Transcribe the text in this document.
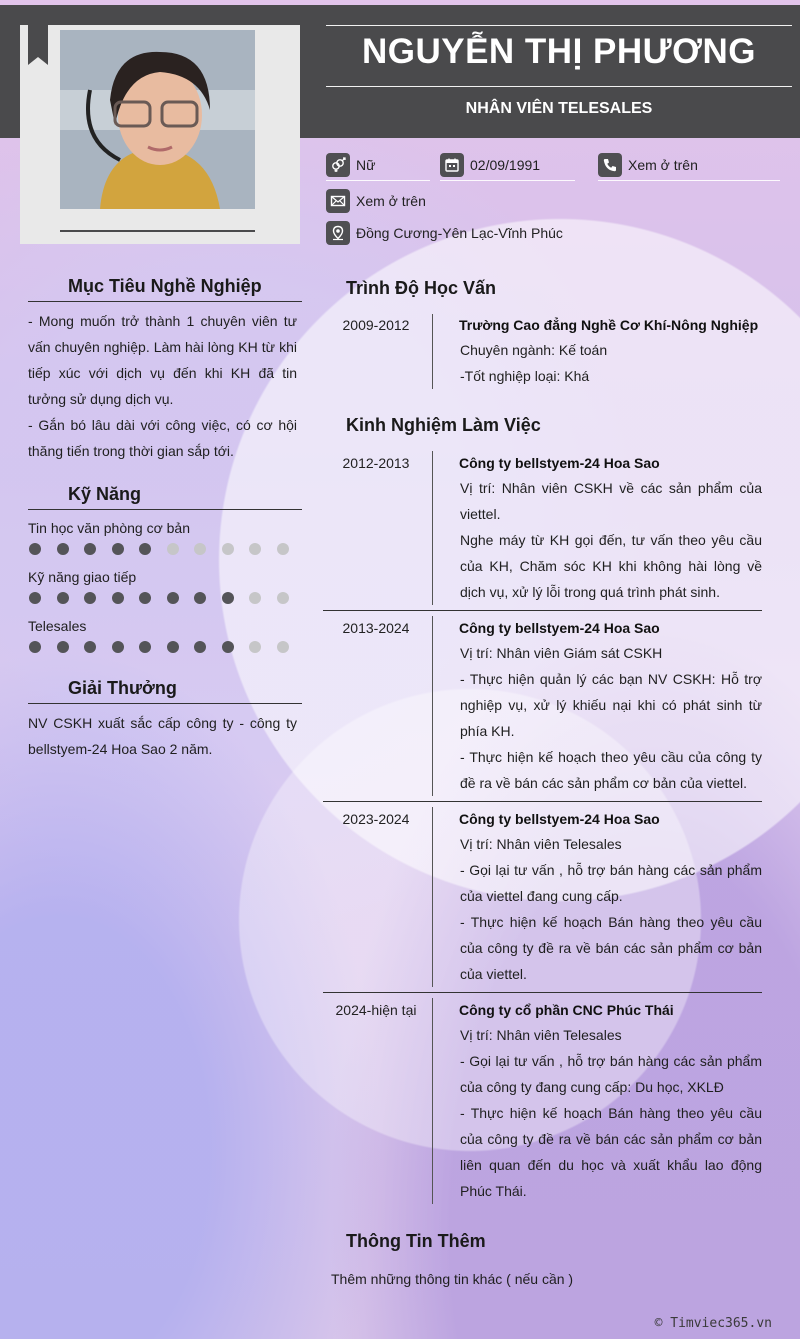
NGUYỄN THỊ PHƯƠNG
NHÂN VIÊN TELESALES
Nữ	02/09/1991	Xem ở trên
Xem ở trên
Đồng Cương-Yên Lạc-Vĩnh Phúc
Mục Tiêu Nghề Nghiệp
- Mong muốn trở thành 1 chuyên viên tư vấn chuyên nghiệp. Làm hài lòng KH từ khi tiếp xúc với dịch vụ đến khi KH đã tin tưởng sử dụng dịch vụ.
- Gắn bó lâu dài với công việc, có cơ hội thăng tiến trong thời gian sắp tới.
Kỹ Năng
Tin học văn phòng cơ bản
Kỹ năng giao tiếp
Telesales
Giải Thưởng
NV CSKH xuất sắc cấp công ty - công ty bellstyem-24 Hoa Sao 2 năm.
Trình Độ Học Vấn
2009-2012	Trường Cao đẳng Nghề Cơ Khí-Nông Nghiệp
Chuyên ngành: Kế toán
-Tốt nghiệp loại: Khá
Kinh Nghiệm Làm Việc
2012-2013	Công ty bellstyem-24 Hoa Sao
Vị trí: Nhân viên CSKH về các sản phẩm của viettel.
Nghe máy từ KH gọi đến, tư vấn theo yêu cầu của KH, Chăm sóc KH khi không hài lòng về dịch vụ, xử lý lỗi trong quá trình phát sinh.
2013-2024	Công ty bellstyem-24 Hoa Sao
Vị trí: Nhân viên Giám sát CSKH
- Thực hiện quản lý các bạn NV CSKH: Hỗ trợ nghiệp vụ, xử lý khiếu nại khi có phát sinh từ phía KH.
- Thực hiện kế hoạch theo yêu cầu của công ty đề ra về bán các sản phẩm cơ bản của viettel.
2023-2024	Công ty bellstyem-24 Hoa Sao
Vị trí: Nhân viên Telesales
- Gọi lại tư vấn , hỗ trợ bán hàng các sản phẩm của viettel đang cung cấp.
- Thực hiện kế hoạch Bán hàng theo yêu cầu của công ty đề ra về bán các sản phẩm cơ bản của viettel.
2024-hiện tại	Công ty cổ phần CNC Phúc Thái
Vị trí: Nhân viên Telesales
- Gọi lại tư vấn , hỗ trợ bán hàng các sản phẩm của công ty đang cung cấp: Du học, XKLĐ
- Thực hiện kế hoạch Bán hàng theo yêu cầu của công ty đề ra về bán các sản phẩm cơ bản liên quan đến du học và xuất khẩu lao động Phúc Thái.
Thông Tin Thêm
Thêm những thông tin khác ( nếu cần )
© Timviec365.vn
